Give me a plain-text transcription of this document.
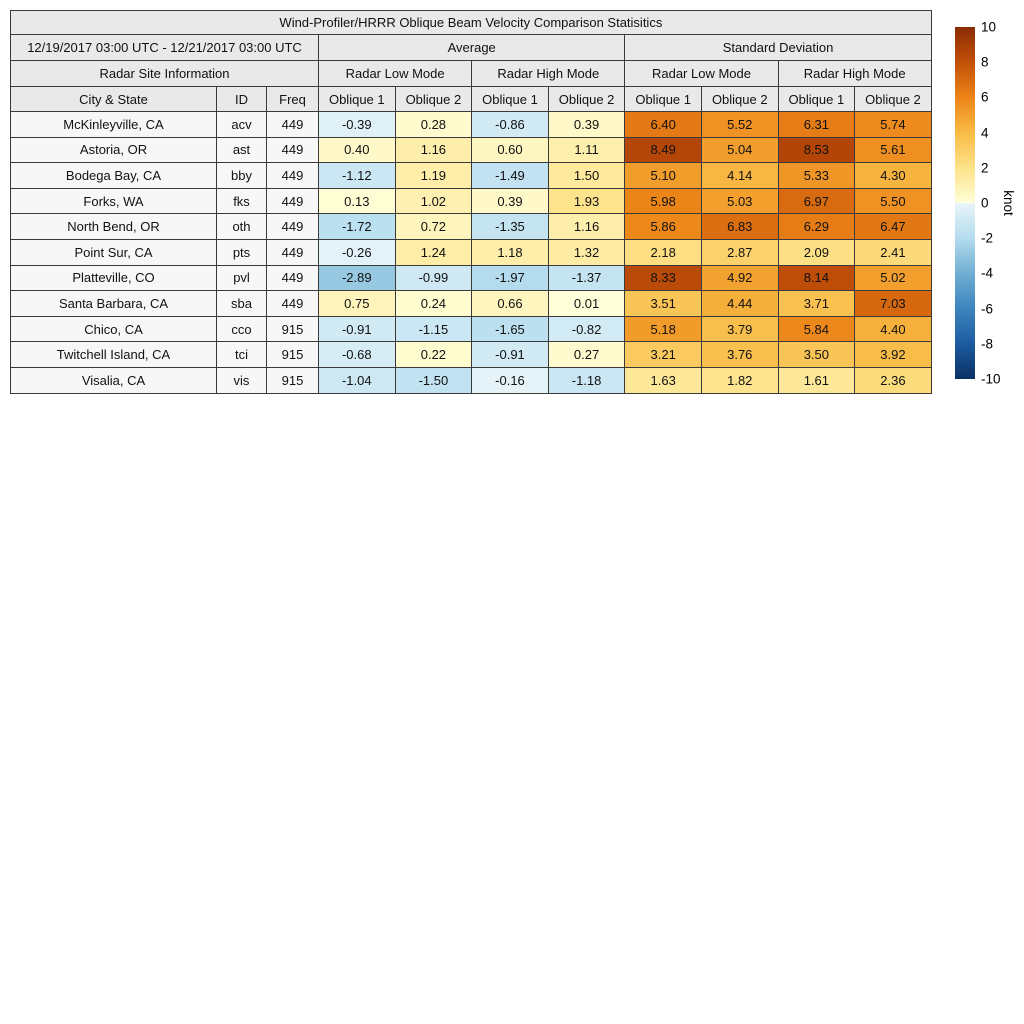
Wind-Profiler/HRRR Oblique Beam Velocity Comparison Statisitics										
12/19/2017 03:00 UTC - 12/21/2017 03:00 UTC			Average				Standard Deviation			
Radar Site Information			Radar Low Mode		Radar High Mode		Radar Low Mode		Radar High Mode	
City & State	ID	Freq	Oblique 1	Oblique 2	Oblique 1	Oblique 2	Oblique 1	Oblique 2	Oblique 1	Oblique 2
McKinleyville, CA	acv	449	-0.39	0.28	-0.86	0.39	6.40	5.52	6.31	5.74
Astoria, OR	ast	449	0.40	1.16	0.60	1.11	8.49	5.04	8.53	5.61
Bodega Bay, CA	bby	449	-1.12	1.19	-1.49	1.50	5.10	4.14	5.33	4.30
Forks, WA	fks	449	0.13	1.02	0.39	1.93	5.98	5.03	6.97	5.50
North Bend, OR	oth	449	-1.72	0.72	-1.35	1.16	5.86	6.83	6.29	6.47
Point Sur, CA	pts	449	-0.26	1.24	1.18	1.32	2.18	2.87	2.09	2.41
Platteville, CO	pvl	449	-2.89	-0.99	-1.97	-1.37	8.33	4.92	8.14	5.02
Santa Barbara, CA	sba	449	0.75	0.24	0.66	0.01	3.51	4.44	3.71	7.03
Chico, CA	cco	915	-0.91	-1.15	-1.65	-0.82	5.18	3.79	5.84	4.40
Twitchell Island, CA	tci	915	-0.68	0.22	-0.91	0.27	3.21	3.76	3.50	3.92
Visalia, CA	vis	915	-1.04	-1.50	-0.16	-1.18	1.63	1.82	1.61	2.36
knot
10
8
6
4
2
0
-2
-4
-6
-8
-10
